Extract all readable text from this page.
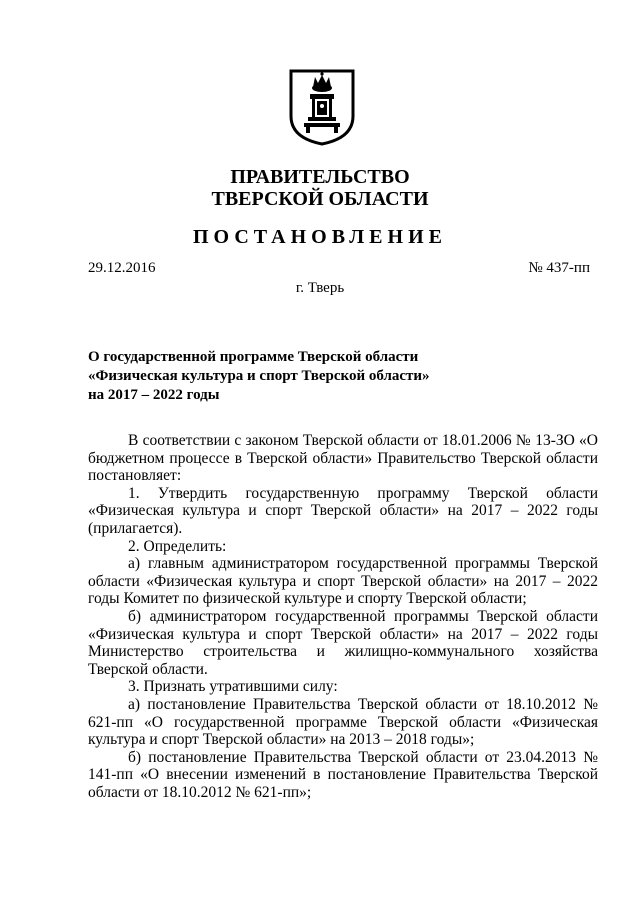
ПРАВИТЕЛЬСТВО
ТВЕРСКОЙ ОБЛАСТИ
ПОСТАНОВЛЕНИЕ
29.12.2016	№ 437-пп
г. Тверь
О государственной программе Тверской области
«Физическая культура и спорт Тверской области»
на 2017 – 2022 годы

В соответствии с законом Тверской области от 18.01.2006 № 13-ЗО «О бюджетном процессе в Тверской области» Правительство Тверской области постановляет:

1. Утвердить государственную программу Тверской области «Физическая культура и спорт Тверской области» на 2017 – 2022 годы (прилагается).

2. Определить:

а) главным администратором государственной программы Тверской области «Физическая культура и спорт Тверской области» на 2017 – 2022 годы Комитет по физической культуре и спорту Тверской области;

б) администратором государственной программы Тверской области «Физическая культура и спорт Тверской области» на 2017 – 2022 годы Министерство строительства и жилищно-коммунального хозяйства Тверской области.

3. Признать утратившими силу:

а) постановление Правительства Тверской области от 18.10.2012 № 621-пп «О государственной программе Тверской области «Физическая культура и спорт Тверской области» на 2013 – 2018 годы»;

б) постановление Правительства Тверской области от 23.04.2013 № 141-пп «О внесении изменений в постановление Правительства Тверской области от 18.10.2012 № 621-пп»;
